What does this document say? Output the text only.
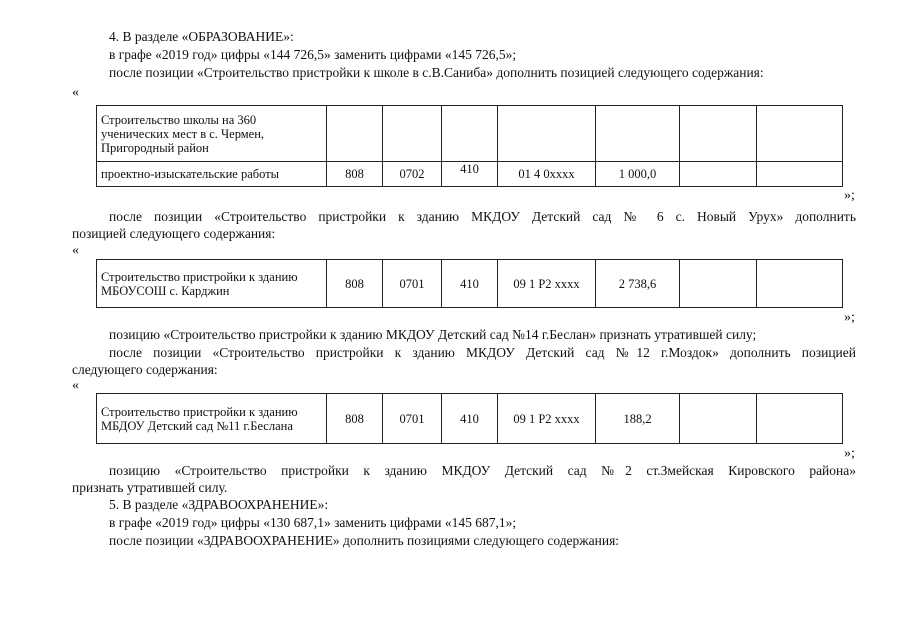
4. В разделе «ОБРАЗОВАНИЕ»:
в графе «2019 год» цифры «144 726,5» заменить цифрами «145 726,5»;
после позиции «Строительство пристройки к школе в с.В.Саниба» дополнить позицией следующего содержания:
«
Строительство школы на 360 ученических мест в с. Чермен, Пригородный район							
проектно-изыскательские работы	808	0702	410	01 4 0хххх	1 000,0		
»;
после позиции «Строительство пристройки к зданию МКДОУ Детский сад № 6 с. Новый Урух» дополнить
позицией следующего содержания:
«
Строительство пристройки к зданию МБОУСОШ с. Карджин	808	0701	410	09 1 Р2 хххх	2 738,6		
»;
позицию «Строительство пристройки к зданию МКДОУ Детский сад №14 г.Беслан» признать утратившей силу;
после позиции «Строительство пристройки к зданию МКДОУ Детский сад №12 г.Моздок» дополнить позицией
следующего содержания:
«
Строительство пристройки к зданию МБДОУ Детский сад №11 г.Беслана	808	0701	410	09 1 Р2 хххх	188,2		
»;
позицию «Строительство пристройки к зданию МКДОУ Детский сад №2 ст.Змейская Кировского района»
признать утратившей силу.
5. В разделе «ЗДРАВООХРАНЕНИЕ»:
в графе «2019 год» цифры «130 687,1» заменить цифрами «145 687,1»;
после позиции «ЗДРАВООХРАНЕНИЕ» дополнить позициями следующего содержания:
